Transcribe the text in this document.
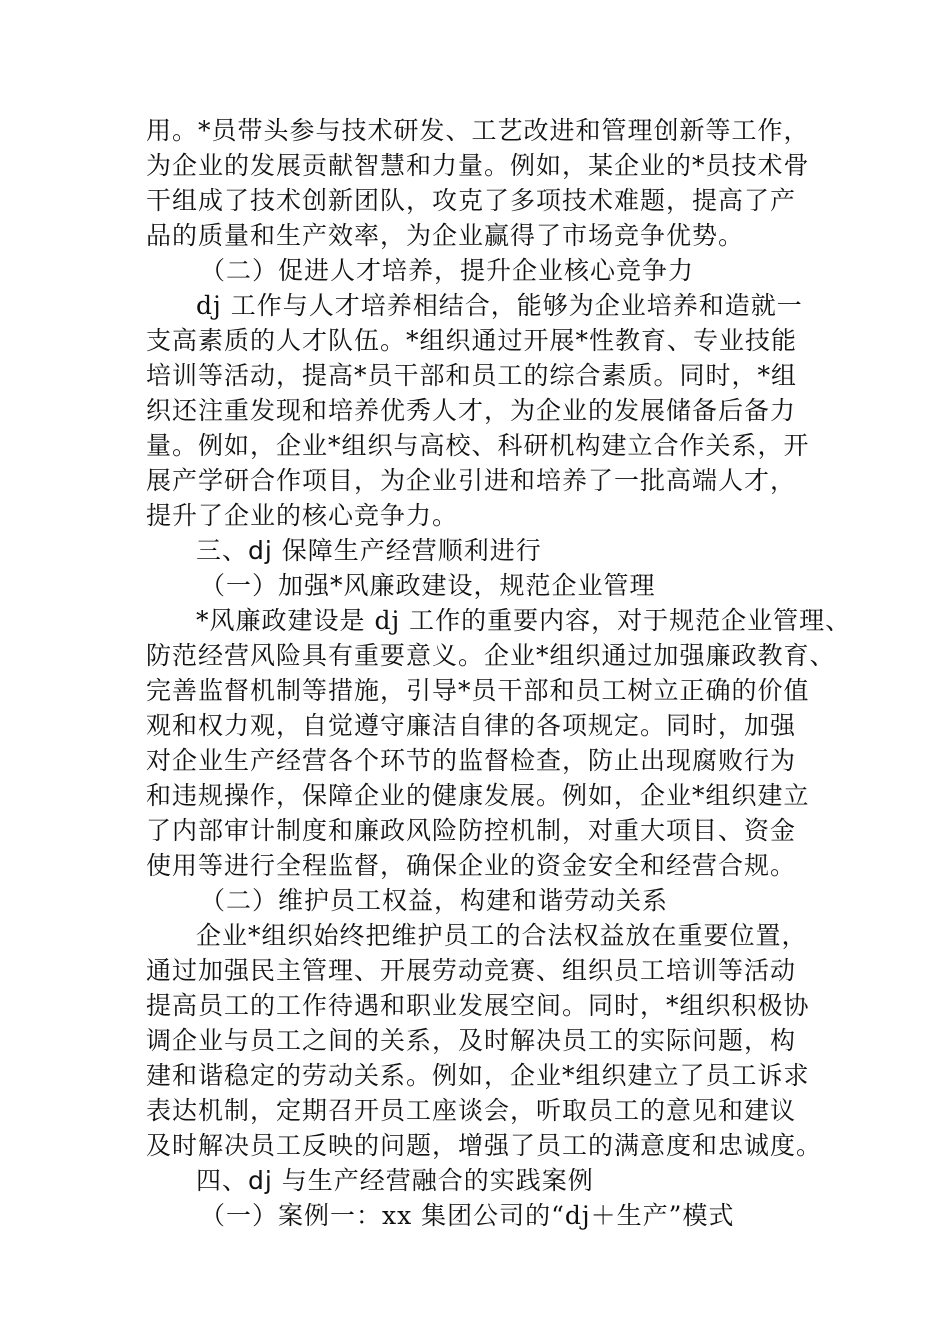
用。*员带头参与技术研发、工艺改进和管理创新等工作，
为企业的发展贡献智慧和力量。例如，某企业的*员技术骨
干组成了技术创新团队，攻克了多项技术难题，提高了产
品的质量和生产效率，为企业赢得了市场竞争优势。
（二）促进人才培养，提升企业核心竞争力
dj 工作与人才培养相结合，能够为企业培养和造就一
支高素质的人才队伍。*组织通过开展*性教育、专业技能
培训等活动，提高*员干部和员工的综合素质。同时，*组
织还注重发现和培养优秀人才，为企业的发展储备后备力
量。例如，企业*组织与高校、科研机构建立合作关系，开
展产学研合作项目，为企业引进和培养了一批高端人才，
提升了企业的核心竞争力。
三、dj 保障生产经营顺利进行
（一）加强*风廉政建设，规范企业管理
*风廉政建设是 dj 工作的重要内容，对于规范企业管理、
防范经营风险具有重要意义。企业*组织通过加强廉政教育、
完善监督机制等措施，引导*员干部和员工树立正确的价值
观和权力观，自觉遵守廉洁自律的各项规定。同时，加强
对企业生产经营各个环节的监督检查，防止出现腐败行为
和违规操作，保障企业的健康发展。例如，企业*组织建立
了内部审计制度和廉政风险防控机制，对重大项目、资金
使用等进行全程监督，确保企业的资金安全和经营合规。
（二）维护员工权益，构建和谐劳动关系
企业*组织始终把维护员工的合法权益放在重要位置，
通过加强民主管理、开展劳动竞赛、组织员工培训等活动
提高员工的工作待遇和职业发展空间。同时，*组织积极协
调企业与员工之间的关系，及时解决员工的实际问题，构
建和谐稳定的劳动关系。例如，企业*组织建立了员工诉求
表达机制，定期召开员工座谈会，听取员工的意见和建议
及时解决员工反映的问题，增强了员工的满意度和忠诚度。
四、dj 与生产经营融合的实践案例
（一）案例一：xx 集团公司的“dj＋生产”模式
